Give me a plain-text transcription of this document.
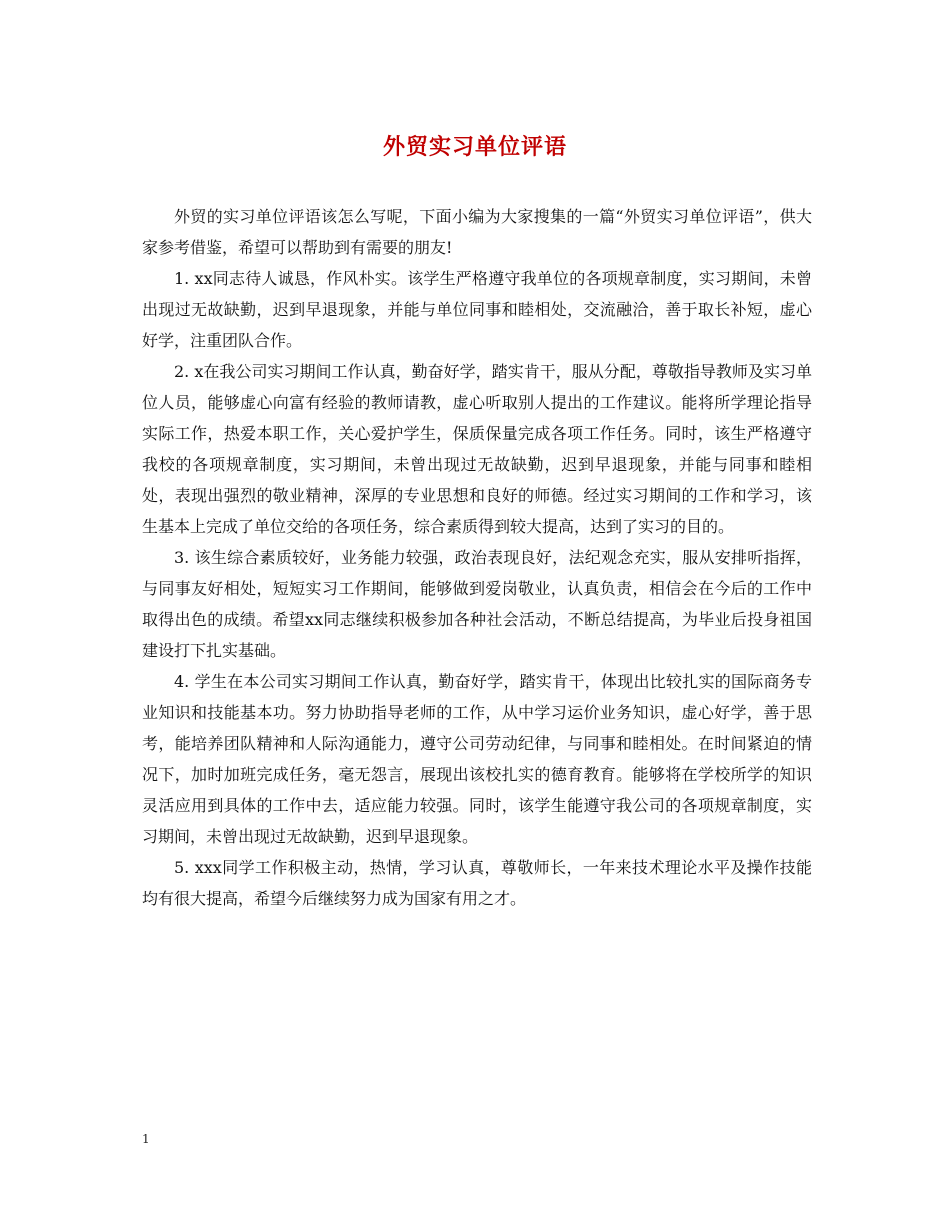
外贸实习单位评语

外贸的实习单位评语该怎么写呢，下面小编为大家搜集的一篇“外贸实习单位评语”，供大家参考借鉴，希望可以帮助到有需要的朋友!

1. xx同志待人诚恳，作风朴实。该学生严格遵守我单位的各项规章制度，实习期间，未曾出现过无故缺勤，迟到早退现象，并能与单位同事和睦相处，交流融洽，善于取长补短，虚心好学，注重团队合作。

2. x在我公司实习期间工作认真，勤奋好学，踏实肯干，服从分配，尊敬指导教师及实习单位人员，能够虚心向富有经验的教师请教，虚心听取别人提出的工作建议。能将所学理论指导实际工作，热爱本职工作，关心爱护学生，保质保量完成各项工作任务。同时，该生严格遵守我校的各项规章制度，实习期间，未曾出现过无故缺勤，迟到早退现象，并能与同事和睦相处，表现出强烈的敬业精神，深厚的专业思想和良好的师德。经过实习期间的工作和学习，该生基本上完成了单位交给的各项任务，综合素质得到较大提高，达到了实习的目的。

3. 该生综合素质较好，业务能力较强，政治表现良好，法纪观念充实，服从安排听指挥，与同事友好相处，短短实习工作期间，能够做到爱岗敬业，认真负责，相信会在今后的工作中取得出色的成绩。希望xx同志继续积极参加各种社会活动，不断总结提高，为毕业后投身祖国建设打下扎实基础。

4. 学生在本公司实习期间工作认真，勤奋好学，踏实肯干，体现出比较扎实的国际商务专业知识和技能基本功。努力协助指导老师的工作，从中学习运价业务知识，虚心好学，善于思考，能培养团队精神和人际沟通能力，遵守公司劳动纪律，与同事和睦相处。在时间紧迫的情况下，加时加班完成任务，毫无怨言，展现出该校扎实的德育教育。能够将在学校所学的知识灵活应用到具体的工作中去，适应能力较强。同时，该学生能遵守我公司的各项规章制度，实习期间，未曾出现过无故缺勤，迟到早退现象。

5. xxx同学工作积极主动，热情，学习认真，尊敬师长，一年来技术理论水平及操作技能均有很大提高，希望今后继续努力成为国家有用之才。

1
